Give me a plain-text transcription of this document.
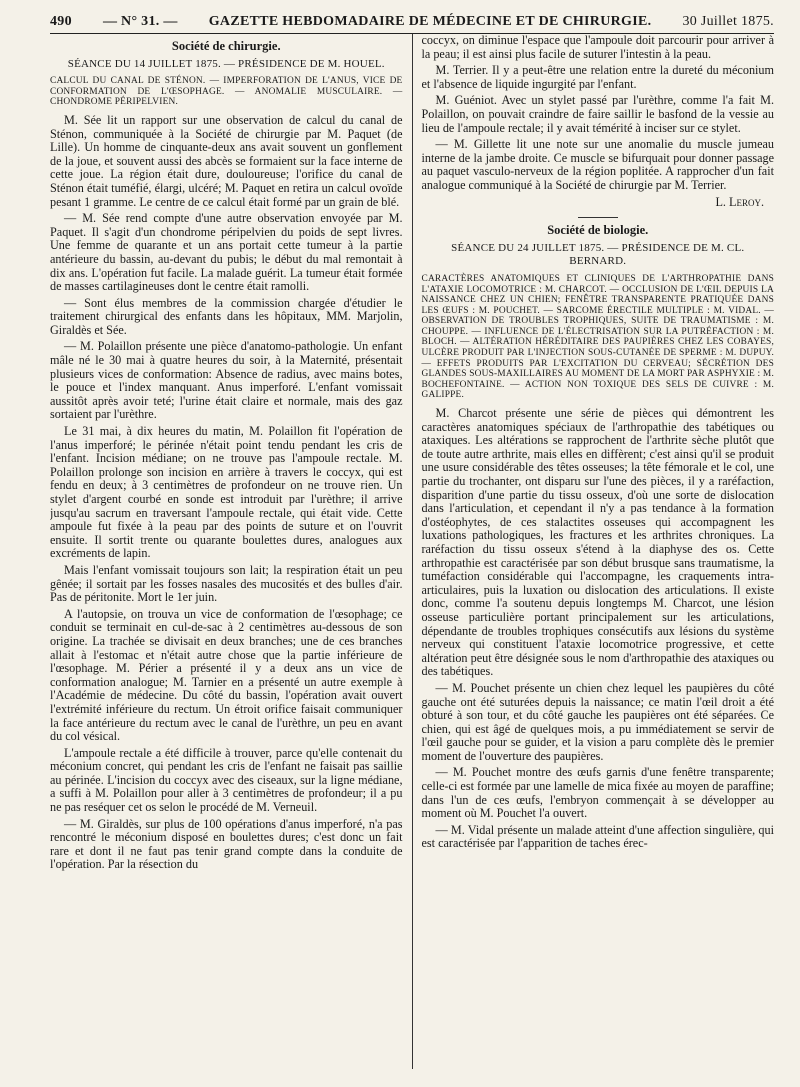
490 — N° 31. — GAZETTE HEBDOMADAIRE DE MÉDECINE ET DE CHIRURGIE. 30 Juillet 1875.
Société de chirurgie.
SÉANCE DU 14 JUILLET 1875. — PRÉSIDENCE DE M. HOUEL.
CALCUL DU CANAL DE STÉNON. — IMPERFORATION DE L'ANUS, VICE DE CONFORMATION DE L'ŒSOPHAGE. — ANOMALIE MUSCULAIRE. — CHONDROME PÉRIPELVIEN.

M. Sée lit un rapport sur une observation de calcul du canal de Sténon, communiquée à la Société de chirurgie par M. Paquet (de Lille). Un homme de cinquante-deux ans avait souvent un gonflement de la joue, et souvent aussi des abcès se formaient sur la face interne de cette joue. La région était dure, douloureuse; l'orifice du canal de Sténon était tuméfié, élargi, ulcéré; M. Paquet en retira un calcul ovoïde pesant 1 gramme. Le centre de ce calcul était formé par un grain de blé.

— M. Sée rend compte d'une autre observation envoyée par M. Paquet. Il s'agit d'un chondrome péripelvien du poids de sept livres. Une femme de quarante et un ans portait cette tumeur à la partie antérieure du bassin, au-devant du pubis; le début du mal remontait à dix ans. L'opération fut facile. La malade guérit. La tumeur était formée de masses cartilagineuses dont le centre était ramolli.

— Sont élus membres de la commission chargée d'étudier le traitement chirurgical des enfants dans les hôpitaux, MM. Marjolin, Giraldès et Sée.

— M. Polaillon présente une pièce d'anatomo-pathologie. Un enfant mâle né le 30 mai à quatre heures du soir, à la Maternité, présentait plusieurs vices de conformation: Absence de radius, avec mains botes, le pouce et l'index manquant. Anus imperforé. L'enfant vomissait aussitôt après avoir teté; l'urine était claire et normale, mais des gaz sortaient par l'urèthre.

Le 31 mai, à dix heures du matin, M. Polaillon fit l'opération de l'anus imperforé; le périnée n'était point tendu pendant les cris de l'enfant. Incision médiane; on ne trouve pas l'ampoule rectale. M. Polaillon prolonge son incision en arrière à travers le coccyx, qui est fendu en deux; à 3 centimètres de profondeur on ne trouve rien. Un stylet d'argent courbé en sonde est introduit par l'urèthre; il arrive jusqu'au sacrum en traversant l'ampoule rectale, qui était vide. Cette ampoule fut fixée à la peau par des points de suture et on l'ouvrit ensuite. Il sortit trente ou quarante boulettes dures, analogues aux excréments de lapin.

Mais l'enfant vomissait toujours son lait; la respiration était un peu gênée; il sortait par les fosses nasales des mucosités et des bulles d'air. Pas de péritonite. Mort le 1er juin.

A l'autopsie, on trouva un vice de conformation de l'œsophage; ce conduit se terminait en cul-de-sac à 2 centimètres au-dessous de son origine. La trachée se divisait en deux branches; une de ces branches allait à l'estomac et n'était autre chose que la partie inférieure de l'œsophage. M. Périer a présenté il y a deux ans un vice de conformation analogue; M. Tarnier en a présenté un autre exemple à l'Académie de médecine. Du côté du bassin, l'opération avait ouvert l'extrémité inférieure du rectum. Un étroit orifice faisait communiquer la face antérieure du rectum avec le canal de l'urèthre, un peu en avant du col vésical.

L'ampoule rectale a été difficile à trouver, parce qu'elle contenait du méconium concret, qui pendant les cris de l'enfant ne faisait pas saillie au périnée. L'incision du coccyx avec des ciseaux, sur la ligne médiane, a suffi à M. Polaillon pour aller à 3 centimètres de profondeur; il a pu ne pas reséquer cet os selon le procédé de M. Verneuil.

— M. Giraldès, sur plus de 100 opérations d'anus imperforé, n'a pas rencontré le méconium disposé en boulettes dures; c'est donc un fait rare et dont il ne faut pas tenir grand compte dans la conduite de l'opération. Par la résection du

coccyx, on diminue l'espace que l'ampoule doit parcourir pour arriver à la peau; il est ainsi plus facile de suturer l'intestin à la peau.

M. Terrier. Il y a peut-être une relation entre la dureté du méconium et l'absence de liquide ingurgité par l'enfant.

M. Guéniot. Avec un stylet passé par l'urèthre, comme l'a fait M. Polaillon, on pouvait craindre de faire saillir le basfond de la vessie au lieu de l'ampoule rectale; il y avait témérité à inciser sur ce stylet.

— M. Gillette lit une note sur une anomalie du muscle jumeau interne de la jambe droite. Ce muscle se bifurquait pour donner passage au paquet vasculo-nerveux de la région poplitée. A rapprocher d'un fait analogue communiqué à la Société de chirurgie par M. Terrier.

L. Leroy.
Société de biologie.
SÉANCE DU 24 JUILLET 1875. — PRÉSIDENCE DE M. CL. BERNARD.
CARACTÈRES ANATOMIQUES ET CLINIQUES DE L'ARTHROPATHIE DANS L'ATAXIE LOCOMOTRICE : M. CHARCOT. — OCCLUSION DE L'ŒIL DEPUIS LA NAISSANCE CHEZ UN CHIEN; FENÊTRE TRANSPARENTE PRATIQUÉE DANS LES ŒUFS : M. POUCHET. — SARCOME ÉRECTILE MULTIPLE : M. VIDAL. — OBSERVATION DE TROUBLES TROPHIQUES, SUITE DE TRAUMATISME : M. CHOUPPE. — INFLUENCE DE L'ÉLECTRISATION SUR LA PUTRÉFACTION : M. BLOCH. — ALTÉRATION HÉRÉDITAIRE DES PAUPIÈRES CHEZ LES COBAYES, ULCÈRE PRODUIT PAR L'INJECTION SOUS-CUTANÉE DE SPERME : M. DUPUY. — EFFETS PRODUITS PAR L'EXCITATION DU CERVEAU; SÉCRÉTION DES GLANDES SOUS-MAXILLAIRES AU MOMENT DE LA MORT PAR ASPHYXIE : M. BOCHEFONTAINE. — ACTION NON TOXIQUE DES SELS DE CUIVRE : M. GALIPPE.

M. Charcot présente une série de pièces qui démontrent les caractères anatomiques spéciaux de l'arthropathie des tabétiques ou ataxiques. Les altérations se rapprochent de l'arthrite sèche plutôt que de toute autre arthrite, mais elles en diffèrent; c'est ainsi qu'il se produit une usure considérable des têtes osseuses; la tête fémorale et le col, une partie du trochanter, ont disparu sur l'une des pièces, il y a raréfaction, disparition d'une partie du tissu osseux, d'où une sorte de dislocation dans l'articulation, et cependant il n'y a pas tendance à la formation d'ostéophytes, de ces stalactites osseuses qui accompagnent les luxations pathologiques, les fractures et les arthrites chroniques. La raréfaction du tissu osseux s'étend à la diaphyse des os. Cette arthropathie est caractérisée par son début brusque sans traumatisme, la tuméfaction considérable qui l'accompagne, les craquements intra-articulaires, puis la luxation ou dislocation des articulations. Il existe donc, comme l'a soutenu depuis longtemps M. Charcot, une lésion osseuse particulière portant principalement sur les articulations, dépendante de troubles trophiques consécutifs aux lésions du système nerveux qui constituent l'ataxie locomotrice progressive, et cette altération peut être désignée sous le nom d'arthropathie des ataxiques ou des tabétiques.

— M. Pouchet présente un chien chez lequel les paupières du côté gauche ont été suturées depuis la naissance; ce matin l'œil droit a été obturé à son tour, et du côté gauche les paupières ont été séparées. Ce chien, qui est âgé de quelques mois, a pu immédiatement se servir de l'œil gauche pour se guider, et la vision a paru complète dès le premier moment de l'ouverture des paupières.

— M. Pouchet montre des œufs garnis d'une fenêtre transparente; celle-ci est formée par une lamelle de mica fixée au moyen de paraffine; dans l'un de ces œufs, l'embryon commençait à se développer au moment où M. Pouchet l'a ouvert.

— M. Vidal présente un malade atteint d'une affection singulière, qui est caractérisée par l'apparition de taches érec-
